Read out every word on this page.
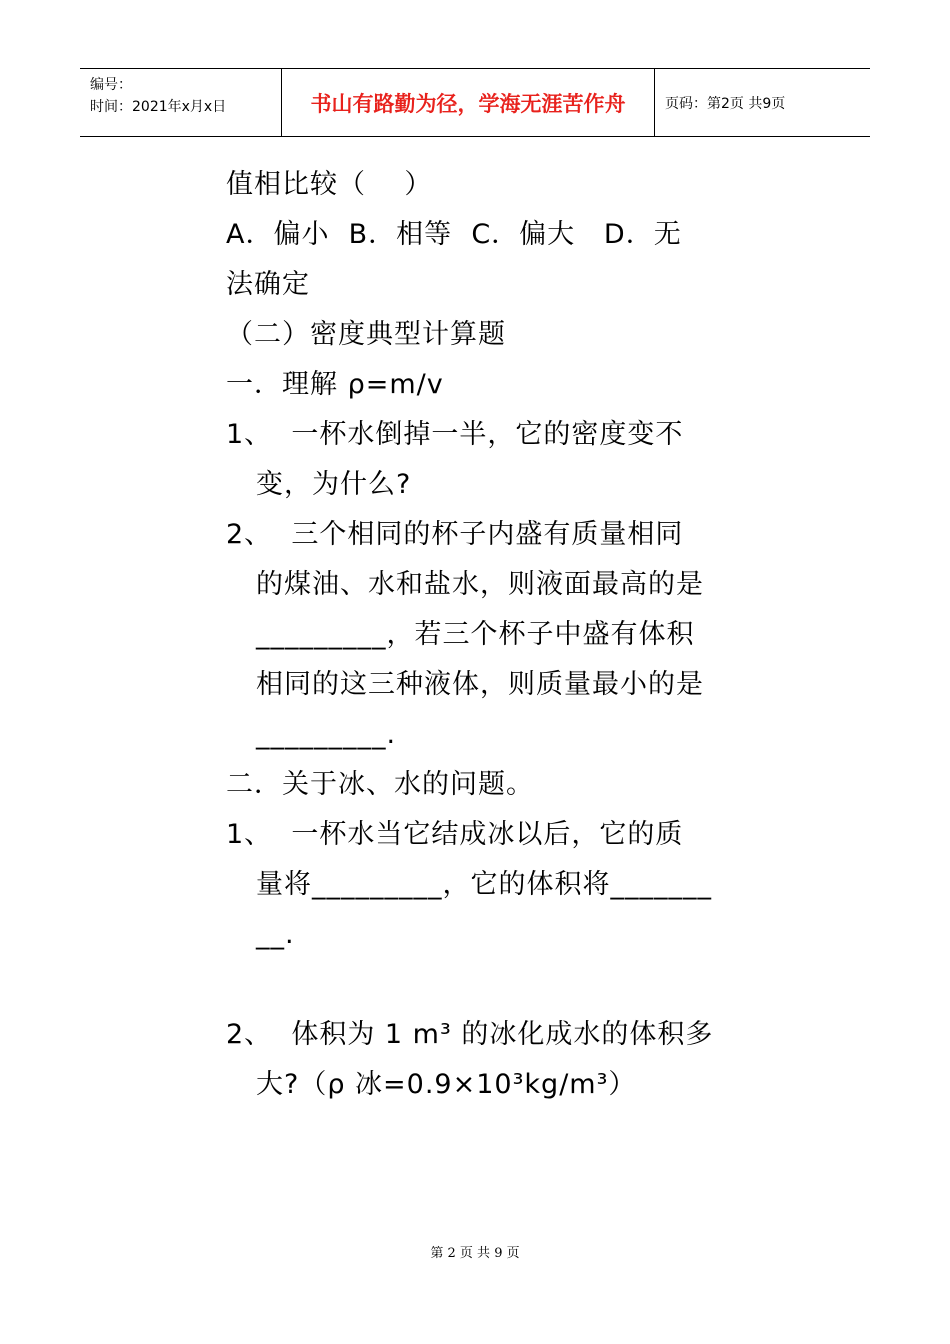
编号：
时间：2021年x月x日	书山有路勤为径，学海无涯苦作舟	页码：第2页 共9页
值相比较（    ）
A．偏小  B．相等  C．偏大   D．无
法确定
（二）密度典型计算题
一．理解 ρ=m/v
1、  一杯水倒掉一半，它的密度变不
变，为什么?
2、  三个相同的杯子内盛有质量相同
的煤油、水和盐水，则液面最高的是
_________，若三个杯子中盛有体积
相同的这三种液体，则质量最小的是
_________.
二．关于冰、水的问题。
1、  一杯水当它结成冰以后，它的质
量将_________，它的体积将_______
__.
2、  体积为 1 m³ 的冰化成水的体积多
大?（ρ 冰=0.9×10³kg/m³）
第 2 页 共 9 页
